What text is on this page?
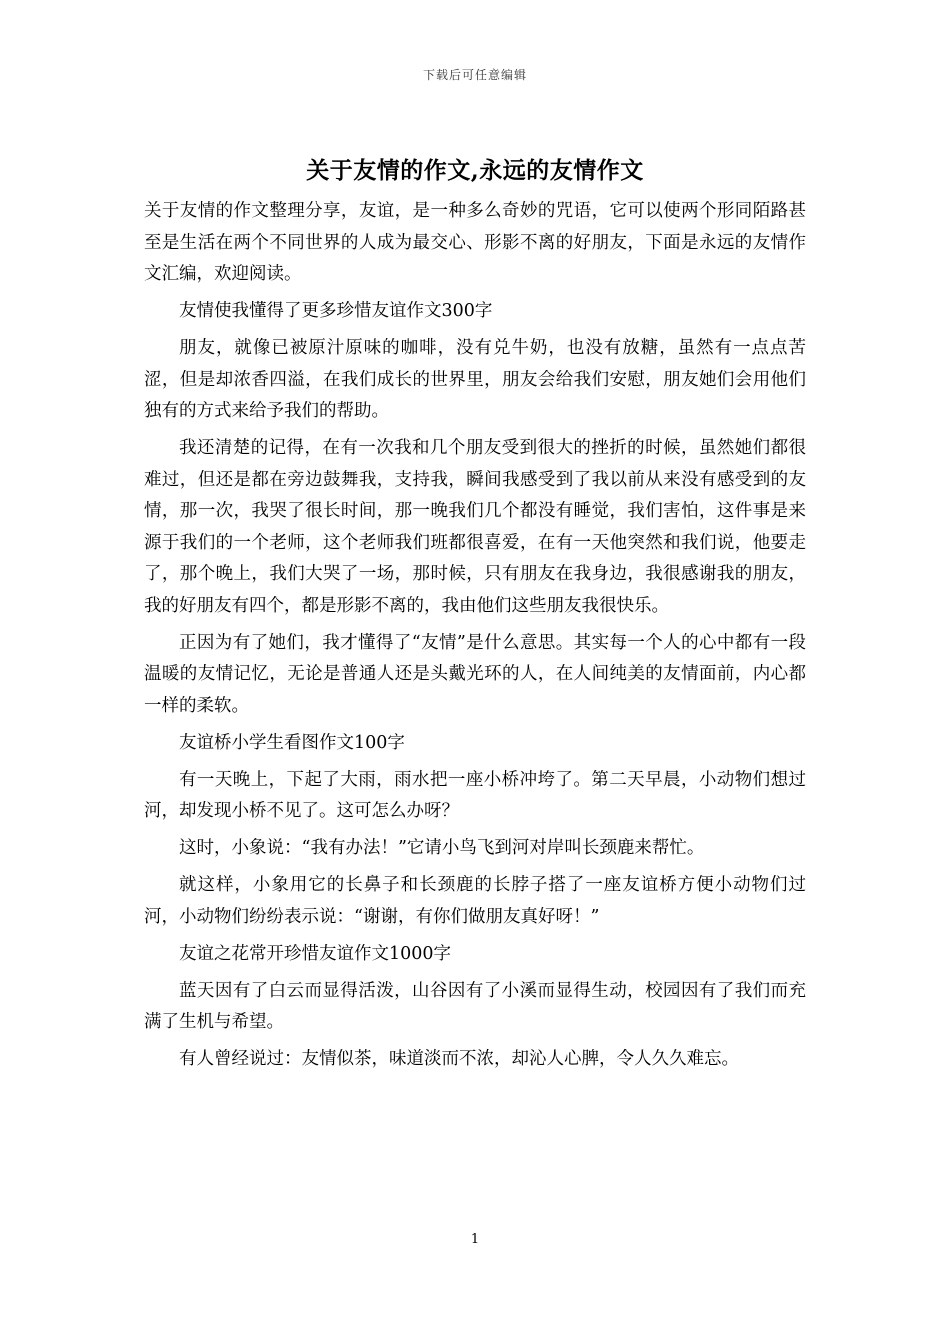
下载后可任意编辑
关于友情的作文,永远的友情作文

关于友情的作文整理分享，友谊，是一种多么奇妙的咒语，它可以使两个形同陌路甚至是生活在两个不同世界的人成为最交心、形影不离的好朋友，下面是永远的友情作文汇编，欢迎阅读。

友情使我懂得了更多珍惜友谊作文300字

朋友，就像已被原汁原味的咖啡，没有兑牛奶，也没有放糖，虽然有一点点苦涩，但是却浓香四溢，在我们成长的世界里，朋友会给我们安慰，朋友她们会用他们独有的方式来给予我们的帮助。

我还清楚的记得，在有一次我和几个朋友受到很大的挫折的时候，虽然她们都很难过，但还是都在旁边鼓舞我，支持我，瞬间我感受到了我以前从来没有感受到的友情，那一次，我哭了很长时间，那一晚我们几个都没有睡觉，我们害怕，这件事是来源于我们的一个老师，这个老师我们班都很喜爱，在有一天他突然和我们说，他要走了，那个晚上，我们大哭了一场，那时候，只有朋友在我身边，我很感谢我的朋友，我的好朋友有四个，都是形影不离的，我由他们这些朋友我很快乐。

正因为有了她们，我才懂得了“友情”是什么意思。其实每一个人的心中都有一段温暖的友情记忆，无论是普通人还是头戴光环的人，在人间纯美的友情面前，内心都一样的柔软。

友谊桥小学生看图作文100字

有一天晚上，下起了大雨，雨水把一座小桥冲垮了。第二天早晨，小动物们想过河，却发现小桥不见了。这可怎么办呀？

这时，小象说：“我有办法！”它请小鸟飞到河对岸叫长颈鹿来帮忙。

就这样，小象用它的长鼻子和长颈鹿的长脖子搭了一座友谊桥方便小动物们过河，小动物们纷纷表示说：“谢谢，有你们做朋友真好呀！”

友谊之花常开珍惜友谊作文1000字

蓝天因有了白云而显得活泼，山谷因有了小溪而显得生动，校园因有了我们而充满了生机与希望。

有人曾经说过：友情似茶，味道淡而不浓，却沁人心脾，令人久久难忘。

1
